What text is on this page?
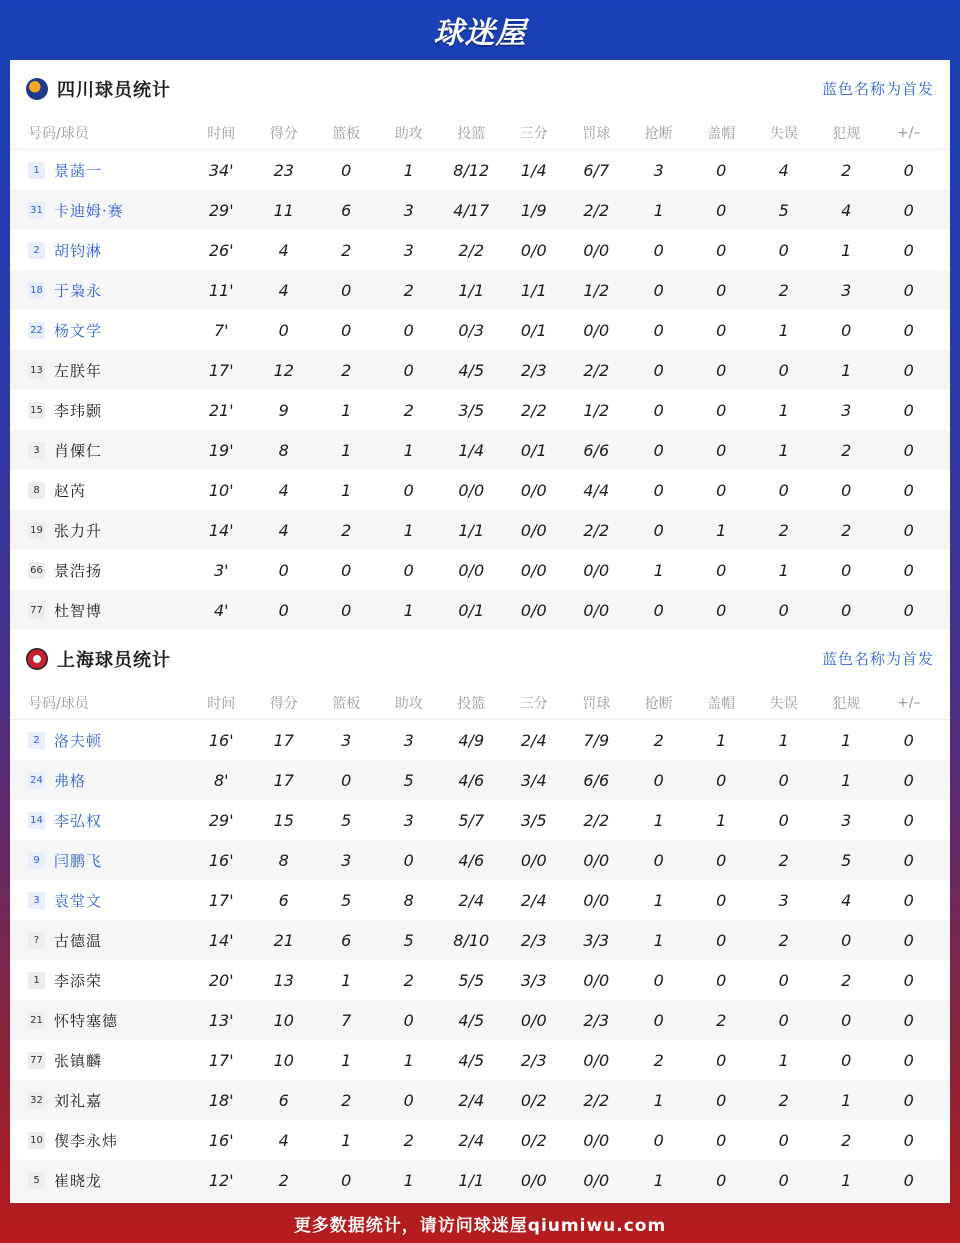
球迷屋
四川球员统计	蓝色名称为首发
号码/球员	时间	得分	篮板	助攻	投篮	三分	罚球	抢断	盖帽	失误	犯规	+/–
1 景菡一	34'	23	0	1	8/12	1/4	6/7	3	0	4	2	0
31 卡迪姆·赛	29'	11	6	3	4/17	1/9	2/2	1	0	5	4	0
2 胡钧淋	26'	4	2	3	2/2	0/0	0/0	0	0	0	1	0
18 于枭永	11'	4	0	2	1/1	1/1	1/2	0	0	2	3	0
22 杨文学	7'	0	0	0	0/3	0/1	0/0	0	0	1	0	0
13 左朕年	17'	12	2	0	4/5	2/3	2/2	0	0	0	1	0
15 李玮颢	21'	9	1	2	3/5	2/2	1/2	0	0	1	3	0
3 肖傈仁	19'	8	1	1	1/4	0/1	6/6	0	0	1	2	0
8 赵芮	10'	4	1	0	0/0	0/0	4/4	0	0	0	0	0
19 张力升	14'	4	2	1	1/1	0/0	2/2	0	1	2	2	0
66 景浩扬	3'	0	0	0	0/0	0/0	0/0	1	0	1	0	0
77 杜智博	4'	0	0	1	0/1	0/0	0/0	0	0	0	0	0
上海球员统计	蓝色名称为首发
号码/球员	时间	得分	篮板	助攻	投篮	三分	罚球	抢断	盖帽	失误	犯规	+/–
2 洛夫顿	16'	17	3	3	4/9	2/4	7/9	2	1	1	1	0
24 弗格	8'	17	0	5	4/6	3/4	6/6	0	0	0	1	0
14 李弘权	29'	15	5	3	5/7	3/5	2/2	1	1	0	3	0
9 闫鹏飞	16'	8	3	0	4/6	0/0	0/0	0	0	2	5	0
3 袁堂文	17'	6	5	8	2/4	2/4	0/0	1	0	3	4	0
? 古德温	14'	21	6	5	8/10	2/3	3/3	1	0	2	0	0
1 李添荣	20'	13	1	2	5/5	3/3	0/0	0	0	0	2	0
21 怀特塞德	13'	10	7	0	4/5	0/0	2/3	0	2	0	0	0
77 张镇麟	17'	10	1	1	4/5	2/3	0/0	2	0	1	0	0
32 刘礼嘉	18'	6	2	0	2/4	0/2	2/2	1	0	2	1	0
10 偰李永炜	16'	4	1	2	2/4	0/2	0/0	0	0	0	2	0
5 崔晓龙	12'	2	0	1	1/1	0/0	0/0	1	0	0	1	0
更多数据统计，请访问球迷屋qiumiwu.com
